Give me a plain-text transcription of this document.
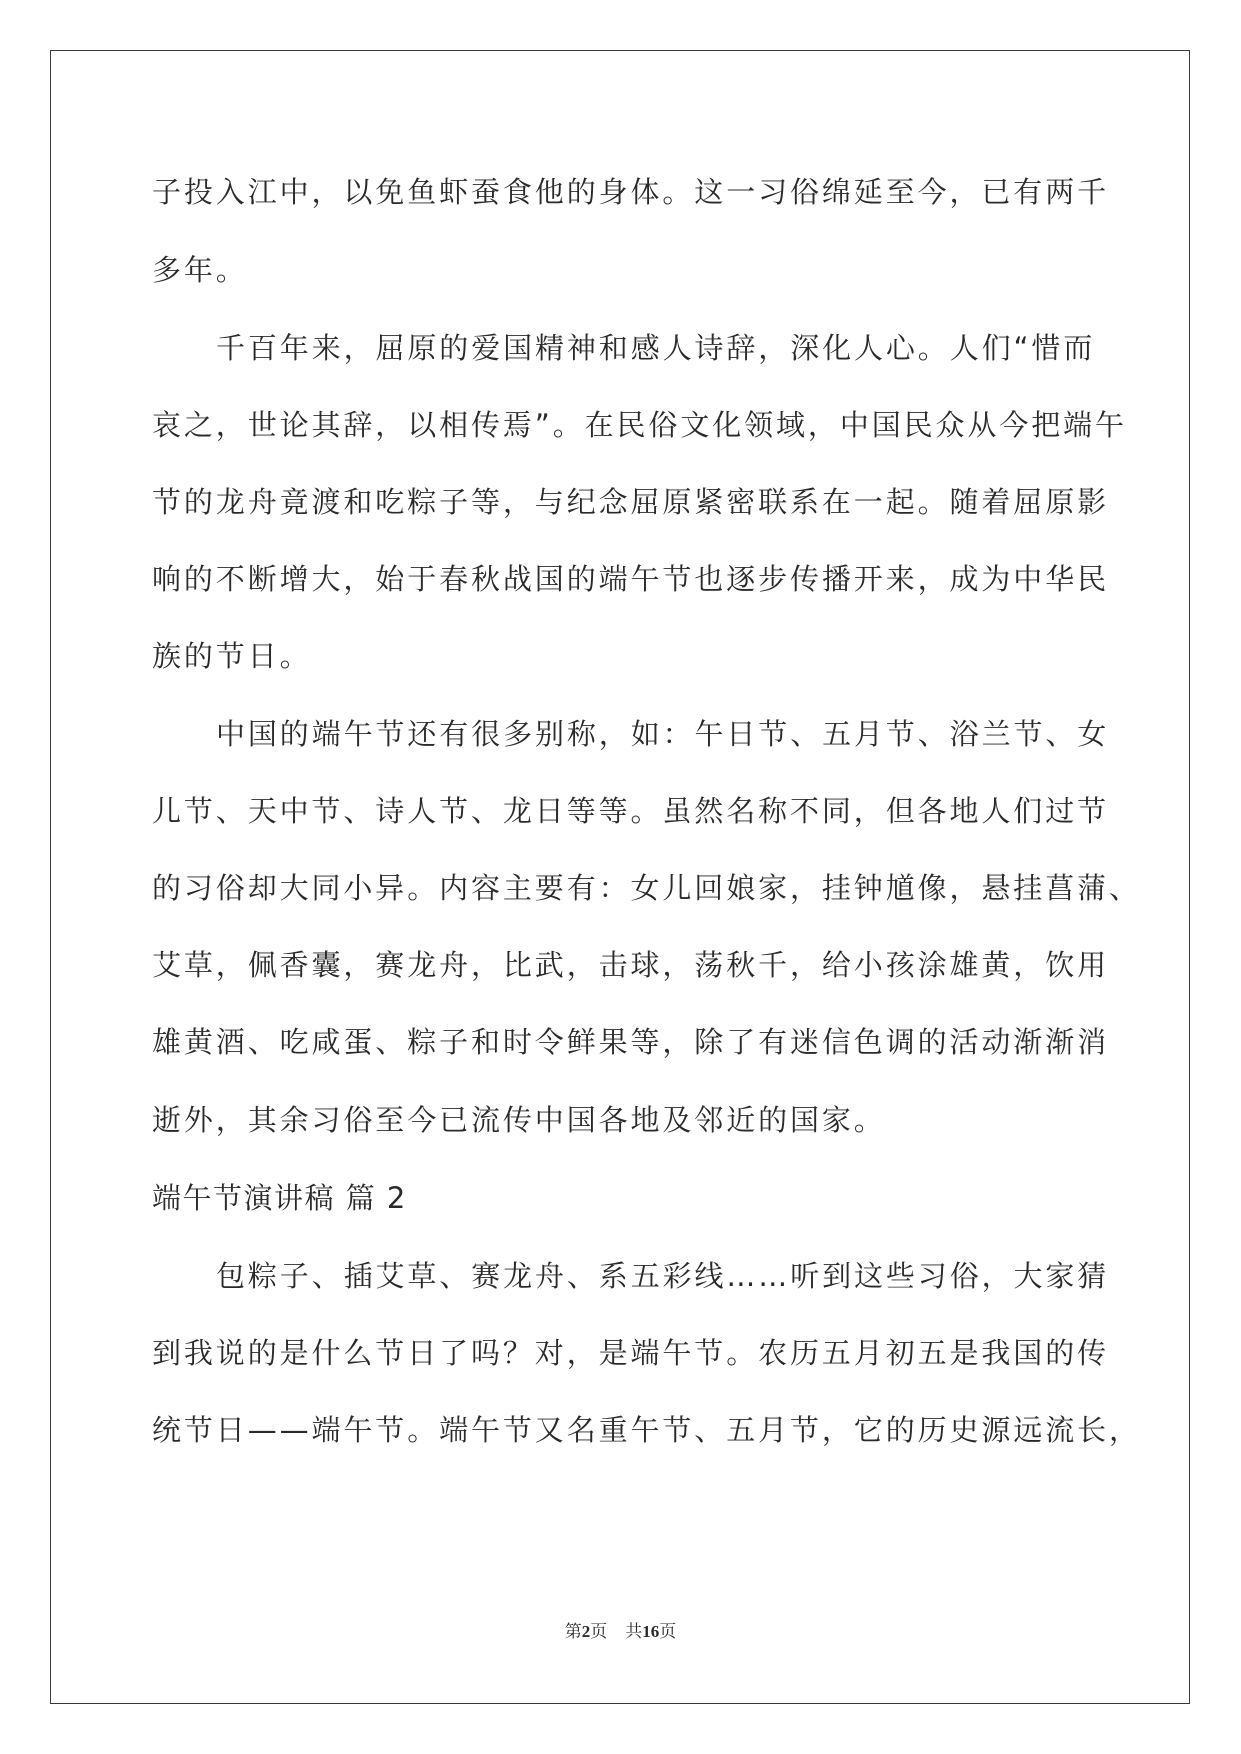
子投入江中，以免鱼虾蚕食他的身体。这一习俗绵延至今，已有两千
多年。
千百年来，屈原的爱国精神和感人诗辞，深化人心。人们“惜而
哀之，世论其辞，以相传焉”。在民俗文化领域，中国民众从今把端午
节的龙舟竟渡和吃粽子等，与纪念屈原紧密联系在一起。随着屈原影
响的不断增大，始于春秋战国的端午节也逐步传播开来，成为中华民
族的节日。
中国的端午节还有很多别称，如：午日节、五月节、浴兰节、女
儿节、天中节、诗人节、龙日等等。虽然名称不同，但各地人们过节
的习俗却大同小异。内容主要有：女儿回娘家，挂钟馗像，悬挂菖蒲、
艾草，佩香囊，赛龙舟，比武，击球，荡秋千，给小孩涂雄黄，饮用
雄黄酒、吃咸蛋、粽子和时令鲜果等，除了有迷信色调的活动渐渐消
逝外，其余习俗至今已流传中国各地及邻近的国家。
端午节演讲稿 篇 2
包粽子、插艾草、赛龙舟、系五彩线……听到这些习俗，大家猜
到我说的是什么节日了吗？对，是端午节。农历五月初五是我国的传
统节日——端午节。端午节又名重午节、五月节，它的历史源远流长，
第2页 共16页
